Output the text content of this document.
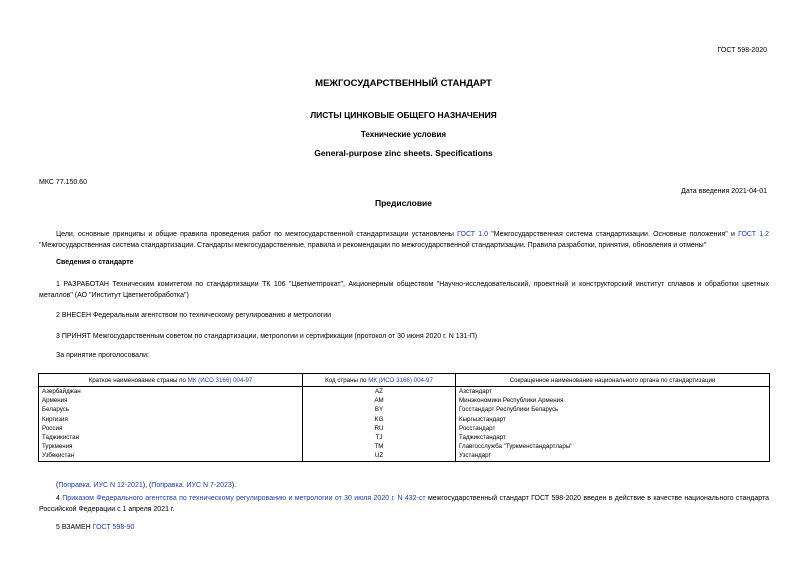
ГОСТ 598-2020
МЕЖГОСУДАРСТВЕННЫЙ СТАНДАРТ
ЛИСТЫ ЦИНКОВЫЕ ОБЩЕГО НАЗНАЧЕНИЯ
Технические условия
General-purpose zinc sheets. Specifications
МКС 77.150.60
Дата введения 2021-04-01
Предисловие
Цели, основные принципы и общие правила проведения работ по межгосударственной стандартизации установлены ГОСТ 1.0 "Межгосударственная система стандартизации. Основные положения" и ГОСТ 1.2 "Межгосударственная система стандартизации. Стандарты межгосударственные, правила и рекомендации по межгосударственной стандартизации. Правила разработки, принятия, обновления и отмены"
Сведения о стандарте
1 РАЗРАБОТАН Техническим комитетом по стандартизации ТК 106 "Цветметпрокат", Акционерным обществом "Научно-исследовательский, проектный и конструкторский институт сплавов и обработки цветных металлов" (АО "Институт Цветметобработка")
2 ВНЕСЕН Федеральным агентством по техническому регулированию и метрологии
3 ПРИНЯТ Межгосударственным советом по стандартизации, метрологии и сертификации (протокол от 30 июня 2020 г. N 131-П)
За принятие проголосовали:
Краткое наименование страны по МК (ИСО 3166) 004-97	Код страны по МК (ИСО 3166) 004-97	Сокращенное наименование национального органа по стандартизации
Азербайджан	AZ	Азстандарт
Армения	AM	Минэкономики Республики Армения
Беларусь	BY	Госстандарт Республики Беларусь
Киргизия	KG	Кыргызстандарт
Россия	RU	Росстандарт
Таджикистан	TJ	Таджикстандарт
Туркмения	TM	Главгосслужба "Туркменстандартлары"
Узбекистан	UZ	Узстандарт
(Поправка. ИУС N 12-2021), (Поправка. ИУС N 7-2023).
4 Приказом Федерального агентства по техническому регулированию и метрологии от 30 июля 2020 г. N 432-ст межгосударственный стандарт ГОСТ 598-2020 введен в действие в качестве национального стандарта Российской Федерации с 1 апреля 2021 г.
5 ВЗАМЕН ГОСТ 598-90
